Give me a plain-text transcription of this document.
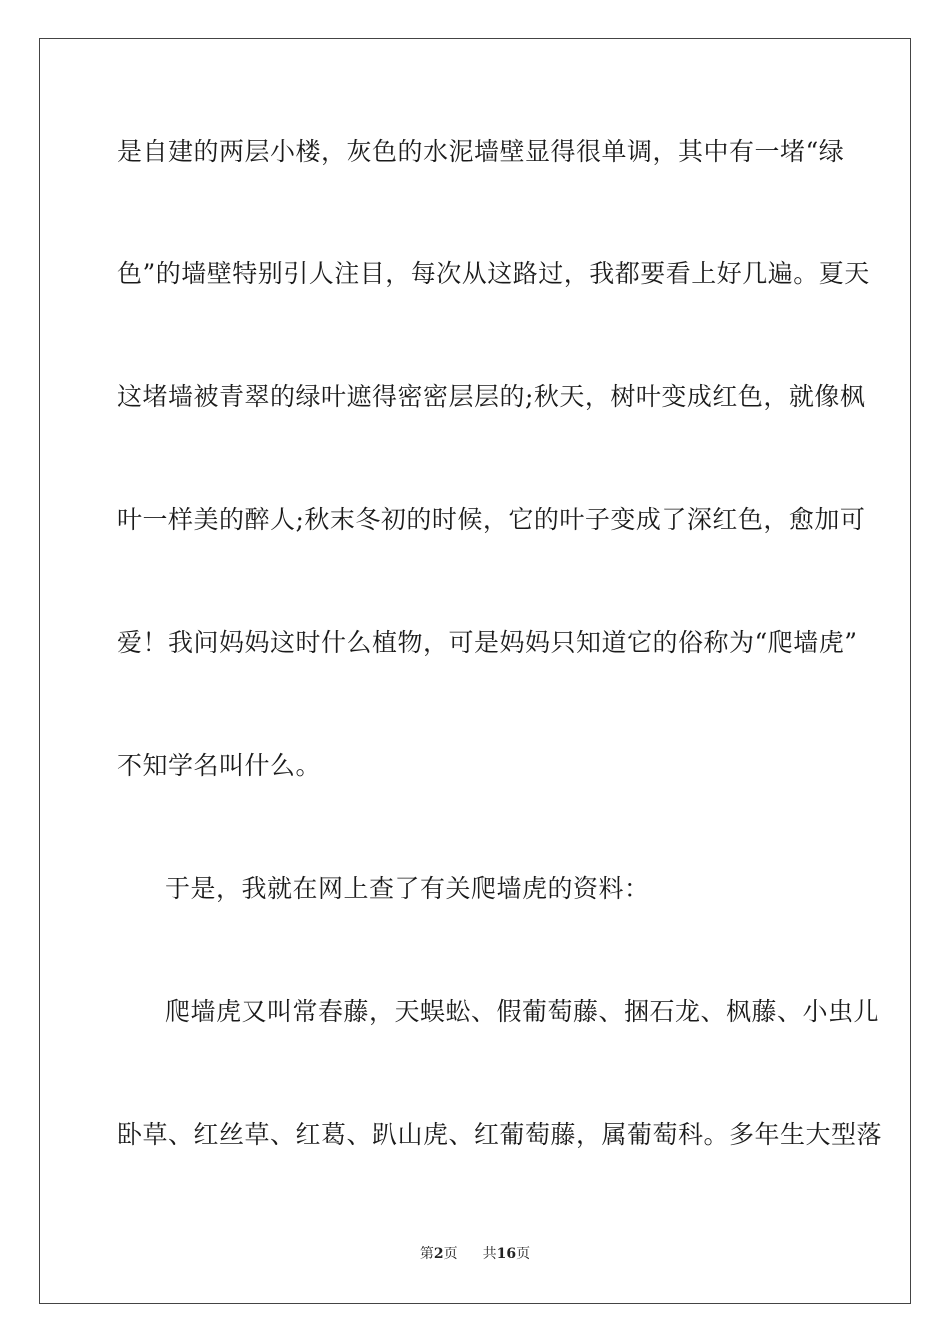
是自建的两层小楼，灰色的水泥墙壁显得很单调，其中有一堵“绿
色”的墙壁特别引人注目，每次从这路过，我都要看上好几遍。夏天
这堵墙被青翠的绿叶遮得密密层层的;秋天，树叶变成红色，就像枫
叶一样美的醉人;秋末冬初的时候，它的叶子变成了深红色，愈加可
爱！我问妈妈这时什么植物，可是妈妈只知道它的俗称为“爬墙虎”
不知学名叫什么。
于是，我就在网上查了有关爬墙虎的资料：
爬墙虎又叫常春藤，天蜈蚣、假葡萄藤、捆石龙、枫藤、小虫儿
卧草、红丝草、红葛、趴山虎、红葡萄藤，属葡萄科。多年生大型落
第2页 共16页
